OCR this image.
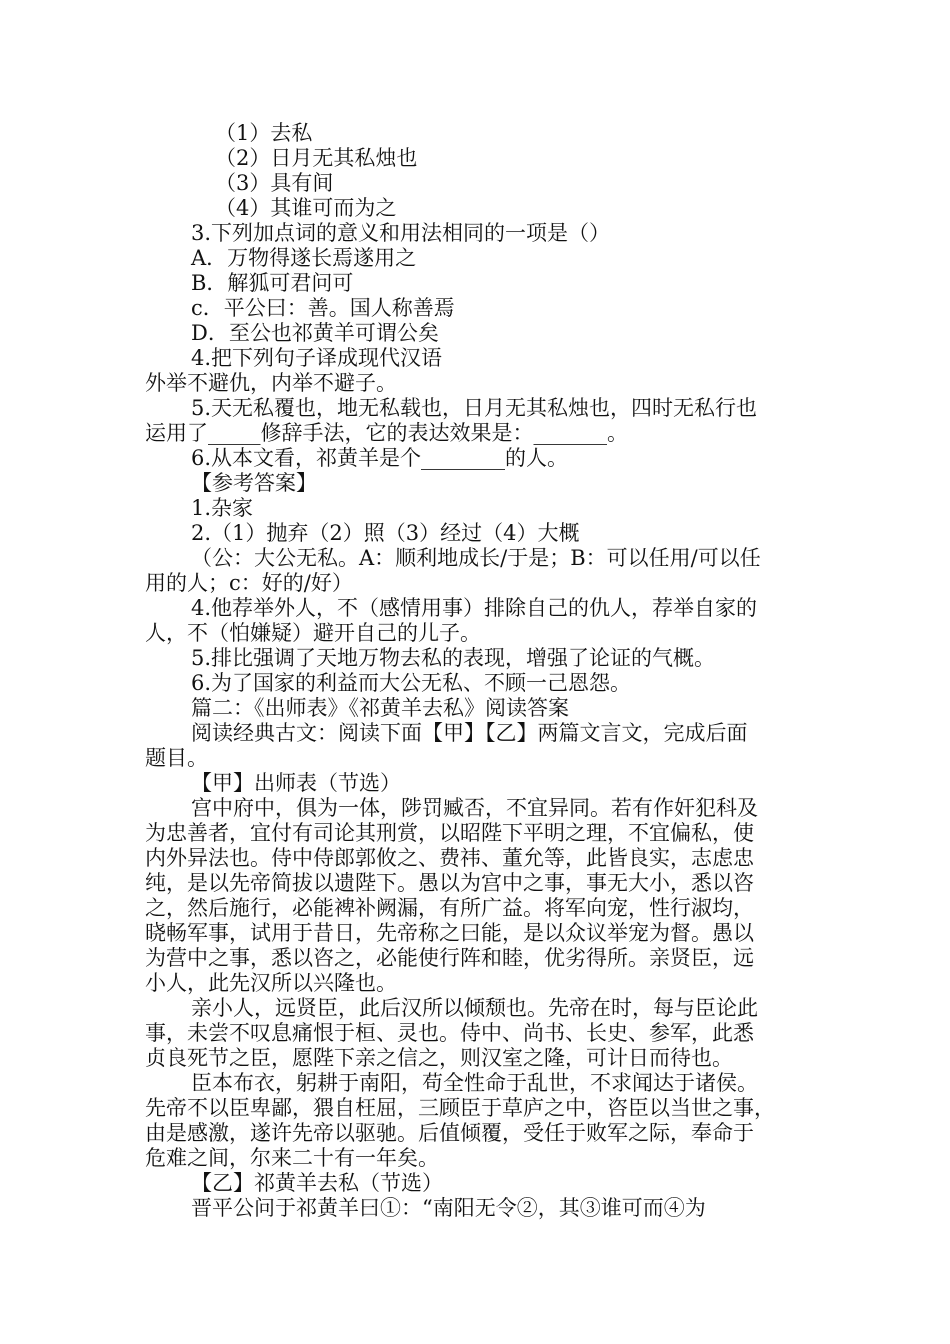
（1）去私
（2）日月无其私烛也
（3）具有间
（4）其谁可而为之
3.下列加点词的意义和用法相同的一项是（）
A．万物得遂长焉遂用之
B．解狐可君问可
c．平公曰：善。国人称善焉
D．至公也祁黄羊可谓公矣
4.把下列句子译成现代汉语
外举不避仇，内举不避子。
5.天无私覆也，地无私载也，日月无其私烛也，四时无私行也
运用了_____修辞手法，它的表达效果是：_______。
6.从本文看，祁黄羊是个________的人。
【参考答案】
1.杂家
2.（1）抛弃（2）照（3）经过（4）大概
（公：大公无私。A：顺利地成长/于是；B：可以任用/可以任
用的人；c：好的/好）
4.他荐举外人，不（感情用事）排除自己的仇人，荐举自家的
人，不（怕嫌疑）避开自己的儿子。
5.排比强调了天地万物去私的表现，增强了论证的气概。
6.为了国家的利益而大公无私、不顾一己恩怨。
篇二：《出师表》《祁黄羊去私》阅读答案
阅读经典古文：阅读下面【甲】【乙】两篇文言文，完成后面
题目。
【甲】出师表（节选）
宫中府中，俱为一体，陟罚臧否，不宜异同。若有作奸犯科及
为忠善者，宜付有司论其刑赏，以昭陛下平明之理，不宜偏私，使
内外异法也。侍中侍郎郭攸之、费祎、董允等，此皆良实，志虑忠
纯，是以先帝简拔以遗陛下。愚以为宫中之事，事无大小，悉以咨
之，然后施行，必能裨补阙漏，有所广益。将军向宠，性行淑均，
晓畅军事，试用于昔日，先帝称之曰能，是以众议举宠为督。愚以
为营中之事，悉以咨之，必能使行阵和睦，优劣得所。亲贤臣，远
小人，此先汉所以兴隆也。
亲小人，远贤臣，此后汉所以倾颓也。先帝在时，每与臣论此
事，未尝不叹息痛恨于桓、灵也。侍中、尚书、长史、参军，此悉
贞良死节之臣，愿陛下亲之信之，则汉室之隆，可计日而待也。
臣本布衣，躬耕于南阳，苟全性命于乱世，不求闻达于诸侯。
先帝不以臣卑鄙，猥自枉屈，三顾臣于草庐之中，咨臣以当世之事，
由是感激，遂许先帝以驱驰。后值倾覆，受任于败军之际，奉命于
危难之间，尔来二十有一年矣。
【乙】祁黄羊去私（节选）
晋平公问于祁黄羊曰①：“南阳无令②，其③谁可而④为
